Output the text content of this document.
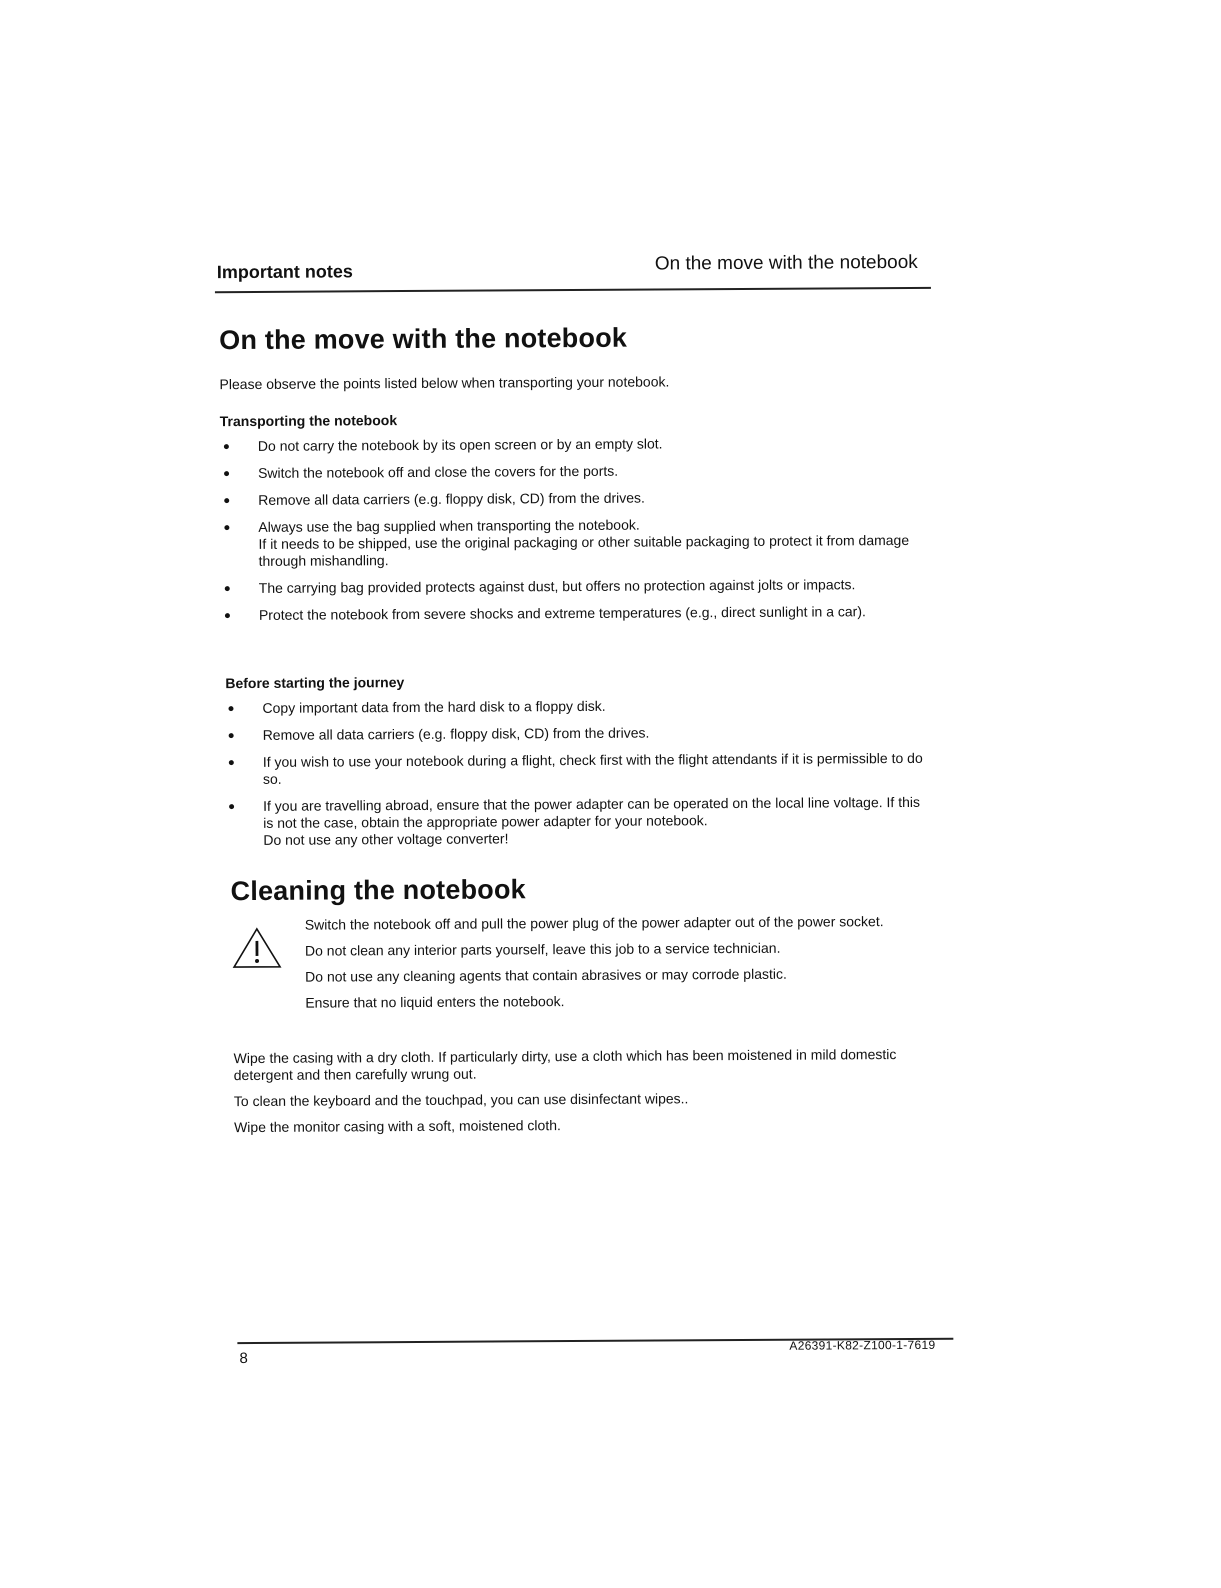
Important notes	On the move with the notebook
On the move with the notebook
Please observe the points listed below when transporting your notebook.
Transporting the notebook
Do not carry the notebook by its open screen or by an empty slot.
Switch the notebook off and close the covers for the ports.
Remove all data carriers (e.g. floppy disk, CD) from the drives.
Always use the bag supplied when transporting the notebook.
If it needs to be shipped, use the original packaging or other suitable packaging to protect it from damage through mishandling.
The carrying bag provided protects against dust, but offers no protection against jolts or impacts.
Protect the notebook from severe shocks and extreme temperatures (e.g., direct sunlight in a car).
Before starting the journey
Copy important data from the hard disk to a floppy disk.
Remove all data carriers (e.g. floppy disk, CD) from the drives.
If you wish to use your notebook during a flight, check first with the flight attendants if it is permissible to do so.
If you are travelling abroad, ensure that the power adapter can be operated on the local line voltage. If this is not the case, obtain the appropriate power adapter for your notebook.
Do not use any other voltage converter!
Cleaning the notebook

Switch the notebook off and pull the power plug of the power adapter out of the power socket.

Do not clean any interior parts yourself, leave this job to a service technician.

Do not use any cleaning agents that contain abrasives or may corrode plastic.

Ensure that no liquid enters the notebook.

Wipe the casing with a dry cloth. If particularly dirty, use a cloth which has been moistened in mild domestic detergent and then carefully wrung out.

To clean the keyboard and the touchpad, you can use disinfectant wipes..

Wipe the monitor casing with a soft, moistened cloth.

8
A26391-K82-Z100-1-7619
